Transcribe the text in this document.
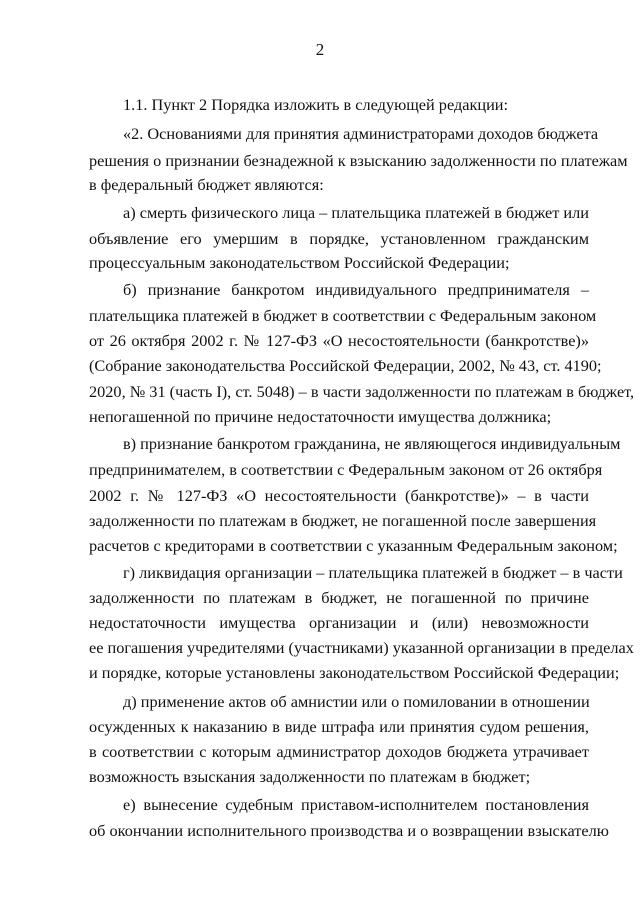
2
1.1. Пункт 2 Порядка изложить в следующей редакции:
«2. Основаниями для принятия администраторами доходов бюджета
решения о признании безнадежной к взысканию задолженности по платежам
в федеральный бюджет являются:
а) смерть физического лица – плательщика платежей в бюджет или
объявление его умершим в порядке, установленном гражданским
процессуальным законодательством Российской Федерации;
б) признание банкротом индивидуального предпринимателя –
плательщика платежей в бюджет в соответствии с Федеральным законом
от 26 октября 2002 г. № 127-ФЗ «О несостоятельности (банкротстве)»
(Собрание законодательства Российской Федерации, 2002, № 43, ст. 4190;
2020, № 31 (часть I), ст. 5048) – в части задолженности по платежам в бюджет,
непогашенной по причине недостаточности имущества должника;
в) признание банкротом гражданина, не являющегося индивидуальным
предпринимателем, в соответствии с Федеральным законом от 26 октября
2002 г. № 127-ФЗ «О несостоятельности (банкротстве)» – в части
задолженности по платежам в бюджет, не погашенной после завершения
расчетов с кредиторами в соответствии с указанным Федеральным законом;
г) ликвидация организации – плательщика платежей в бюджет – в части
задолженности по платежам в бюджет, не погашенной по причине
недостаточности имущества организации и (или) невозможности
ее погашения учредителями (участниками) указанной организации в пределах
и порядке, которые установлены законодательством Российской Федерации;
д) применение актов об амнистии или о помиловании в отношении
осужденных к наказанию в виде штрафа или принятия судом решения,
в соответствии с которым администратор доходов бюджета утрачивает
возможность взыскания задолженности по платежам в бюджет;
е) вынесение судебным приставом-исполнителем постановления
об окончании исполнительного производства и о возвращении взыскателю
